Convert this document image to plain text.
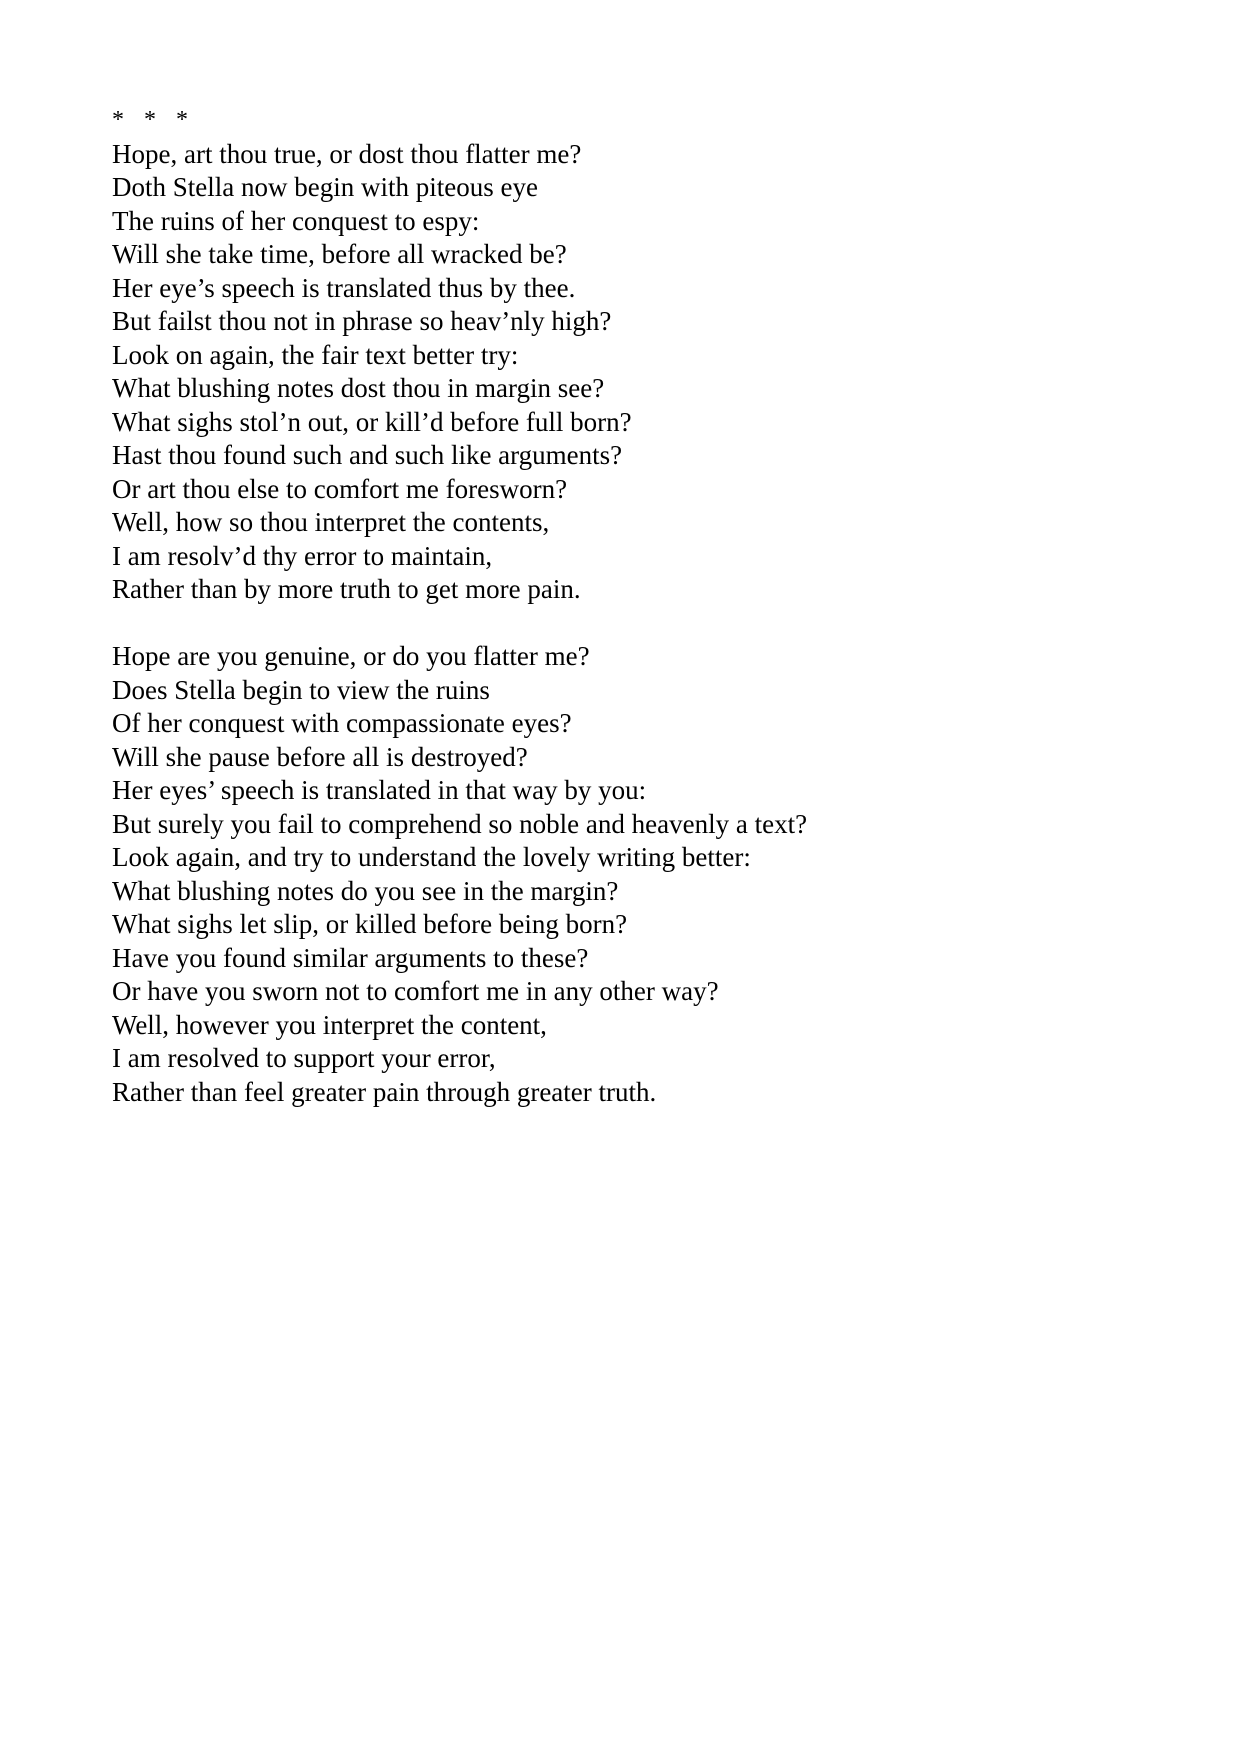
*  *  *
Hope, art thou true, or dost thou flatter me?
Doth Stella now begin with piteous eye
The ruins of her conquest to espy:
Will she take time, before all wracked be?
Her eye’s speech is translated thus by thee.
But failst thou not in phrase so heav’nly high?
Look on again, the fair text better try:
What blushing notes dost thou in margin see?
What sighs stol’n out, or kill’d before full born?
Hast thou found such and such like arguments?
Or art thou else to comfort me foresworn?
Well, how so thou interpret the contents,
I am resolv’d thy error to maintain,
Rather than by more truth to get more pain.
Hope are you genuine, or do you flatter me?
Does Stella begin to view the ruins
Of her conquest with compassionate eyes?
Will she pause before all is destroyed?
Her eyes’ speech is translated in that way by you:
But surely you fail to comprehend so noble and heavenly a text?
Look again, and try to understand the lovely writing better:
What blushing notes do you see in the margin?
What sighs let slip, or killed before being born?
Have you found similar arguments to these?
Or have you sworn not to comfort me in any other way?
Well, however you interpret the content,
I am resolved to support your error,
Rather than feel greater pain through greater truth.
